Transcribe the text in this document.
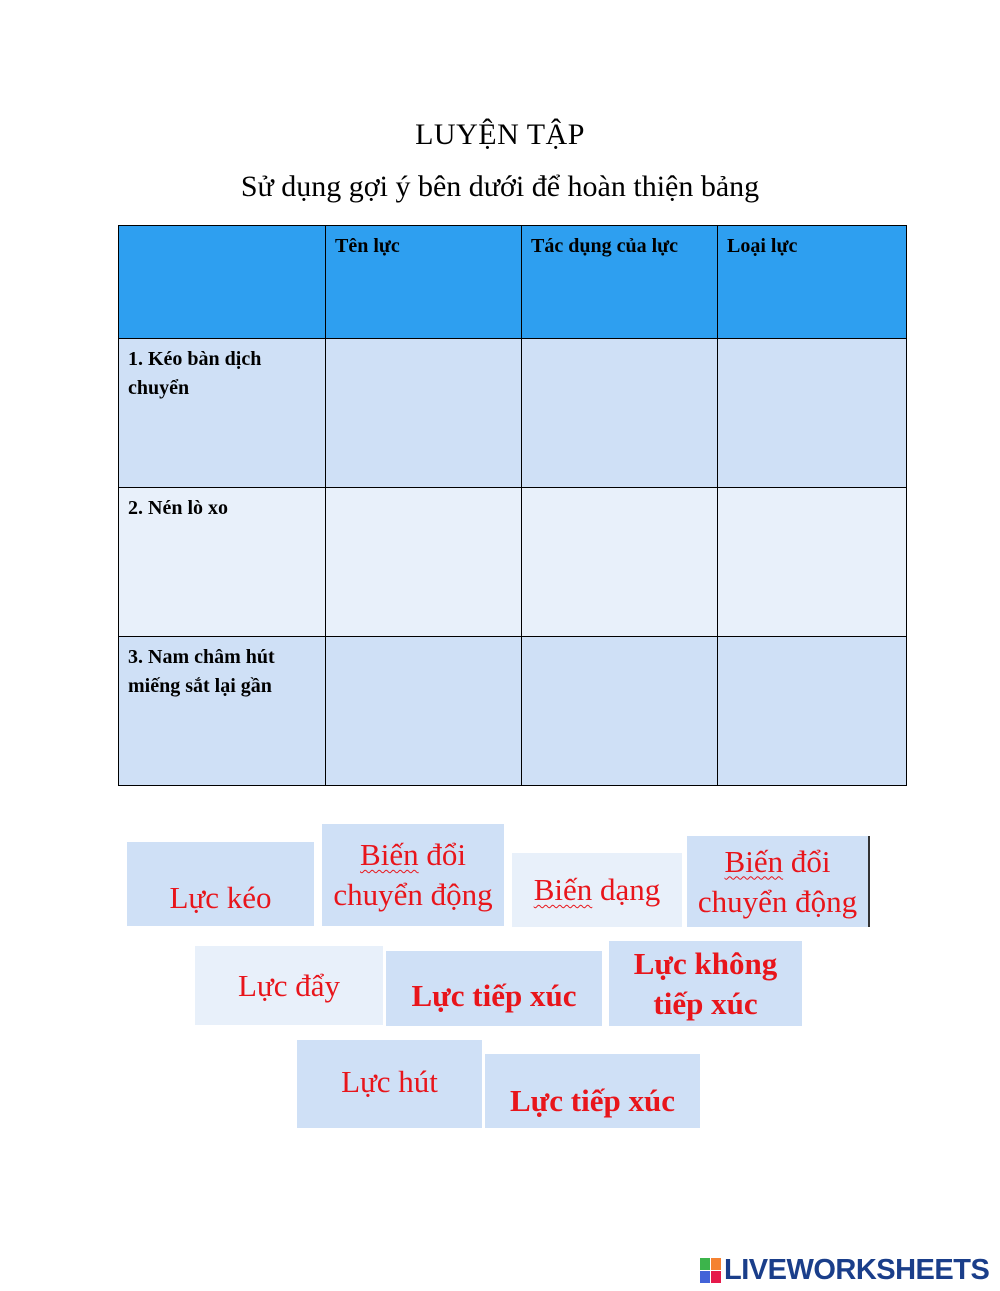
LUYỆN TẬP
Sử dụng gợi ý bên dưới để hoàn thiện bảng
	Tên lực	Tác dụng của lực	Loại lực
1. Kéo bàn dịch chuyển			
2. Nén lò xo			
3. Nam châm hút miếng sắt lại gần			
Lực kéo
Biến đổi
chuyển động Biến dạng
Biến đổi
chuyển động
Lực đẩy Lực tiếp xúc
Lực không
tiếp xúc
Lực hút
Lực tiếp xúc
LIVEWORKSHEETS
